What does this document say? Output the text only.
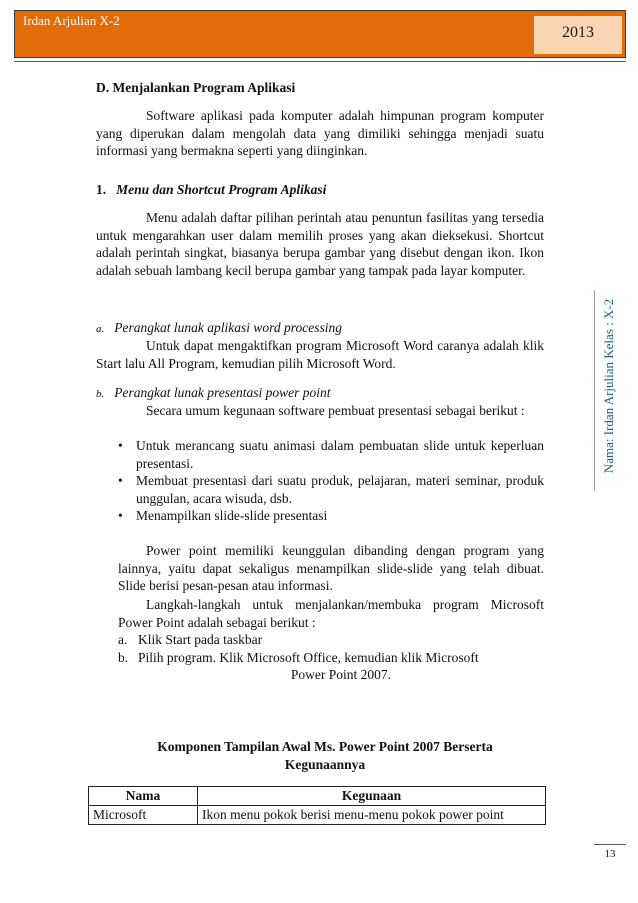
Irdan Arjulian X-2
2013
Nama: Irdan Arjulian Kelas : X-2
D. Menjalankan Program Aplikasi

Software aplikasi pada komputer adalah himpunan program komputer yang diperukan dalam mengolah data yang dimiliki sehingga menjadi suatu informasi yang bermakna seperti yang diinginkan.

1. Menu dan Shortcut Program Aplikasi

Menu adalah daftar pilihan perintah atau penuntun fasilitas yang tersedia untuk mengarahkan user dalam memilih proses yang akan dieksekusi. Shortcut adalah perintah singkat, biasanya berupa gambar yang disebut dengan ikon. Ikon adalah sebuah lambang kecil berupa gambar yang tampak pada layar komputer.

a. Perangkat lunak aplikasi word processing

Untuk dapat mengaktifkan program Microsoft Word caranya adalah klik Start lalu All Program, kemudian pilih Microsoft Word.

b. Perangkat lunak presentasi power point

Secara umum kegunaan software pembuat presentasi sebagai berikut :

• Untuk merancang suatu animasi dalam pembuatan slide untuk keperluan presentasi.
• Membuat presentasi dari suatu produk, pelajaran, materi seminar, produk unggulan, acara wisuda, dsb.
• Menampilkan slide-slide presentasi

Power point memiliki keunggulan dibanding dengan program yang lainnya, yaitu dapat sekaligus menampilkan slide-slide yang telah dibuat. Slide berisi pesan-pesan atau informasi.

Langkah-langkah untuk menjalankan/membuka program Microsoft Power Point adalah sebagai berikut :

a. Klik Start pada taskbar
b. Pilih program. Klik Microsoft Office, kemudian klik Microsoft
Power Point 2007.
Komponen Tampilan Awal Ms. Power Point 2007 Berserta Kegunaannya
Nama	Kegunaan
Microsoft	Ikon menu pokok berisi menu-menu pokok power point
13
